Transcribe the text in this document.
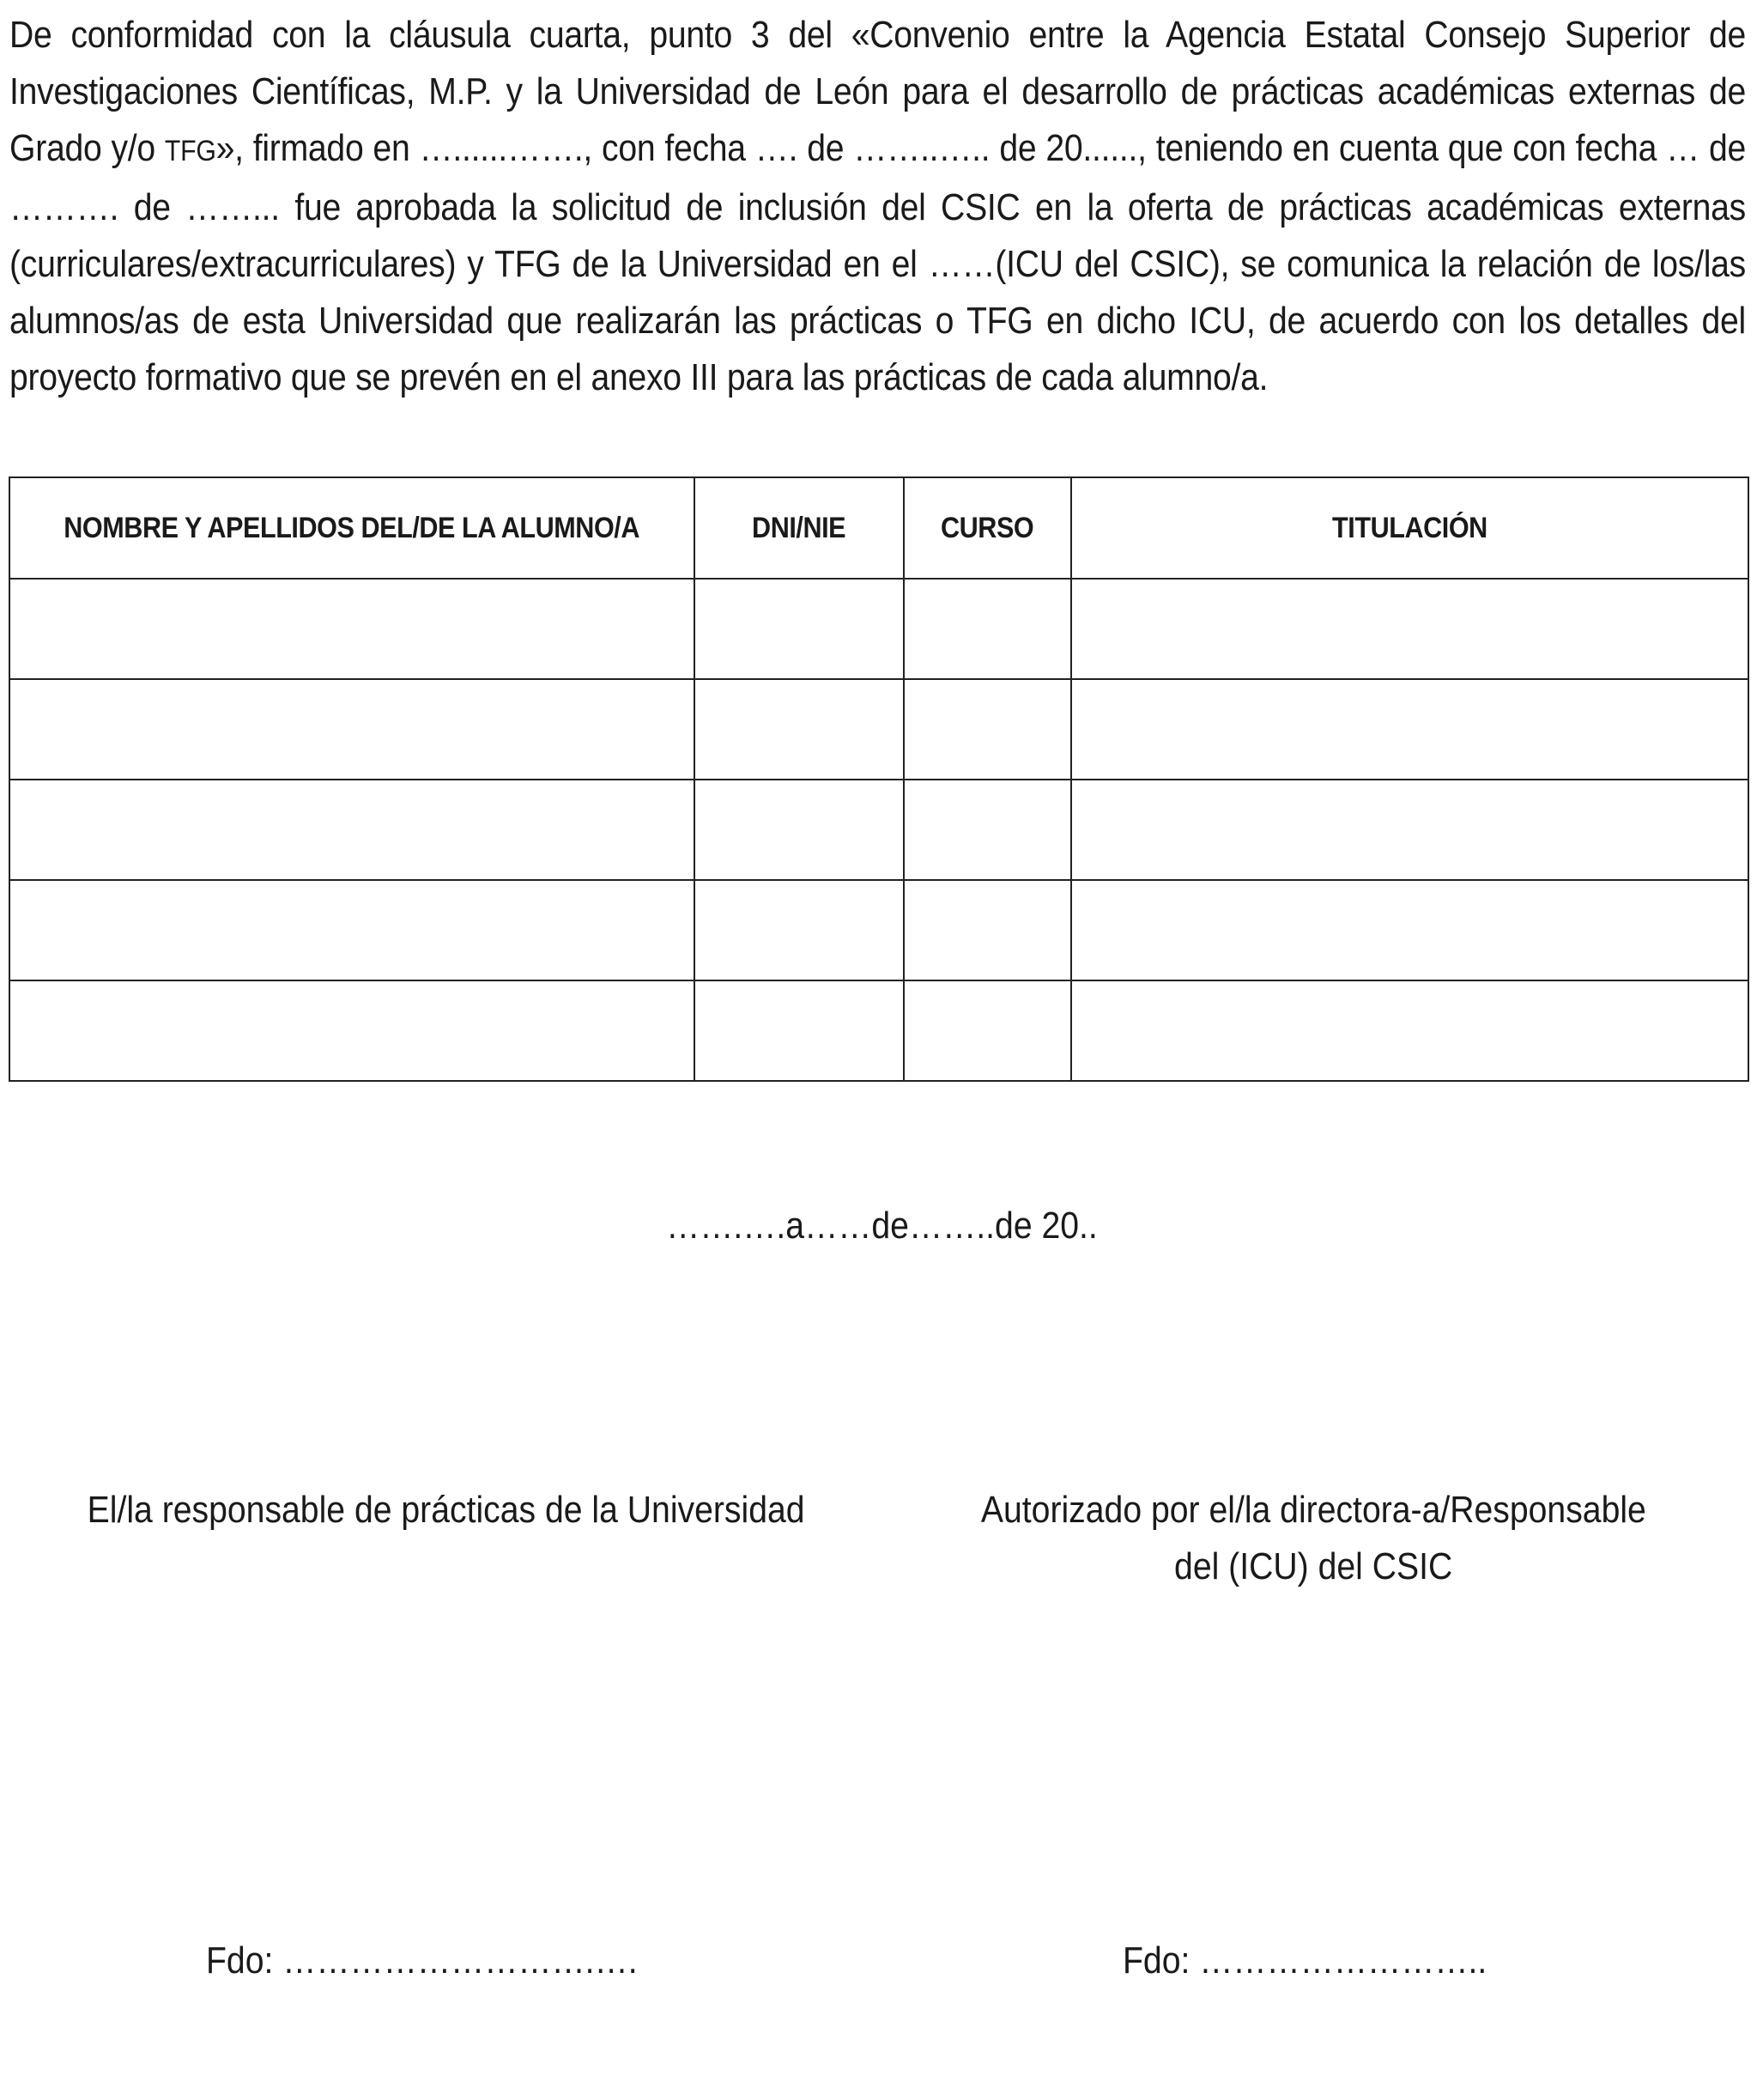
De conformidad con la cláusula cuarta, punto 3 del «Convenio entre la Agencia Estatal Consejo Superior de Investigaciones Científicas, M.P. y la Universidad de León para el desarrollo de prácticas académicas externas de Grado y/o TFG», firmado en …......……., con fecha …. de ……..….. de 20......, teniendo en cuenta que con fecha … de ………. de ……... fue aprobada la solicitud de inclusión del CSIC en la oferta de prácticas académicas externas (curriculares/extracurriculares) y TFG de la Universidad en el ……(ICU del CSIC), se comunica la relación de los/las alumnos/as de esta Universidad que realizarán las prácticas o TFG en dicho ICU, de acuerdo con los detalles del proyecto formativo que se prevén en el anexo III para las prácticas de cada alumno/a.

NOMBRE Y APELLIDOS DEL/DE LA ALUMNO/A	DNI/NIE	CURSO	TITULACIÓN

…….….a……de……..de 20..
El/la responsable de prácticas de la Universidad	Autorizado por el/la directora-a/Responsable
del (ICU) del CSIC
Fdo: ……………………….….	Fdo: ……………………..
